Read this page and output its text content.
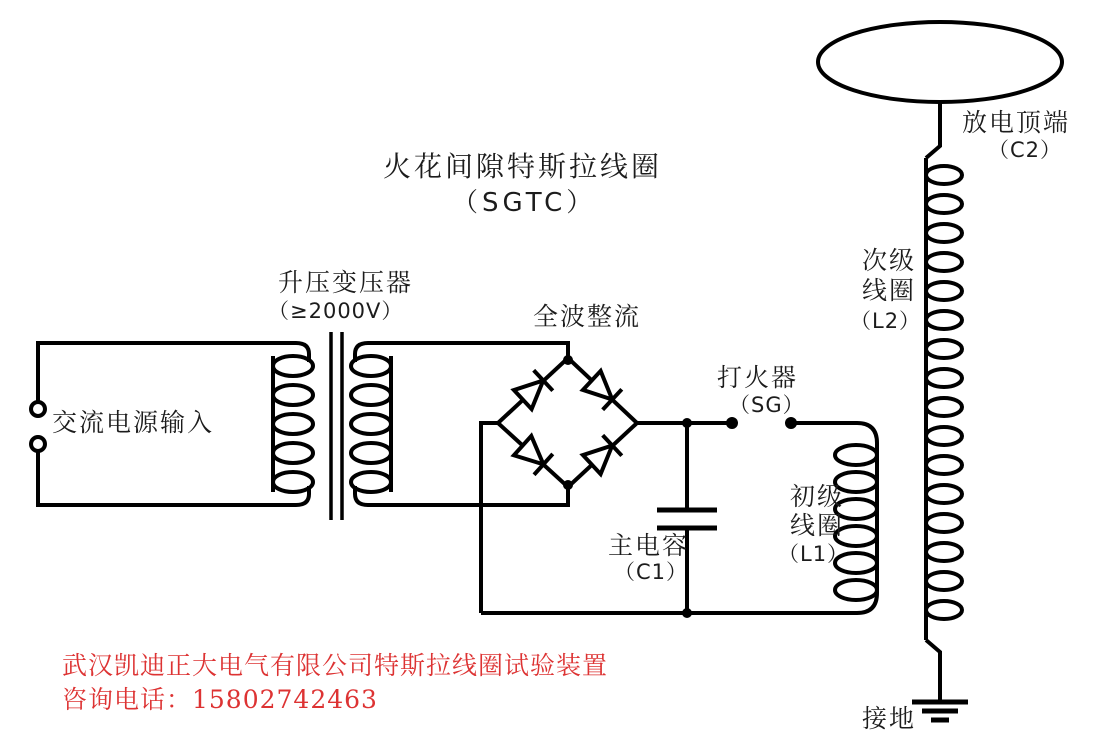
火花间隙特斯拉线圈
（SGTC）
升压变压器
（≥2000V）	全波整流
交流电源输入
打火器
（SG）
主电容
（C1）
初级
线圈
（L1）
次级
线圈
（L2）
放电顶端
（C2）
接地
武汉凯迪正大电气有限公司特斯拉线圈试验装置
咨询电话：15802742463
